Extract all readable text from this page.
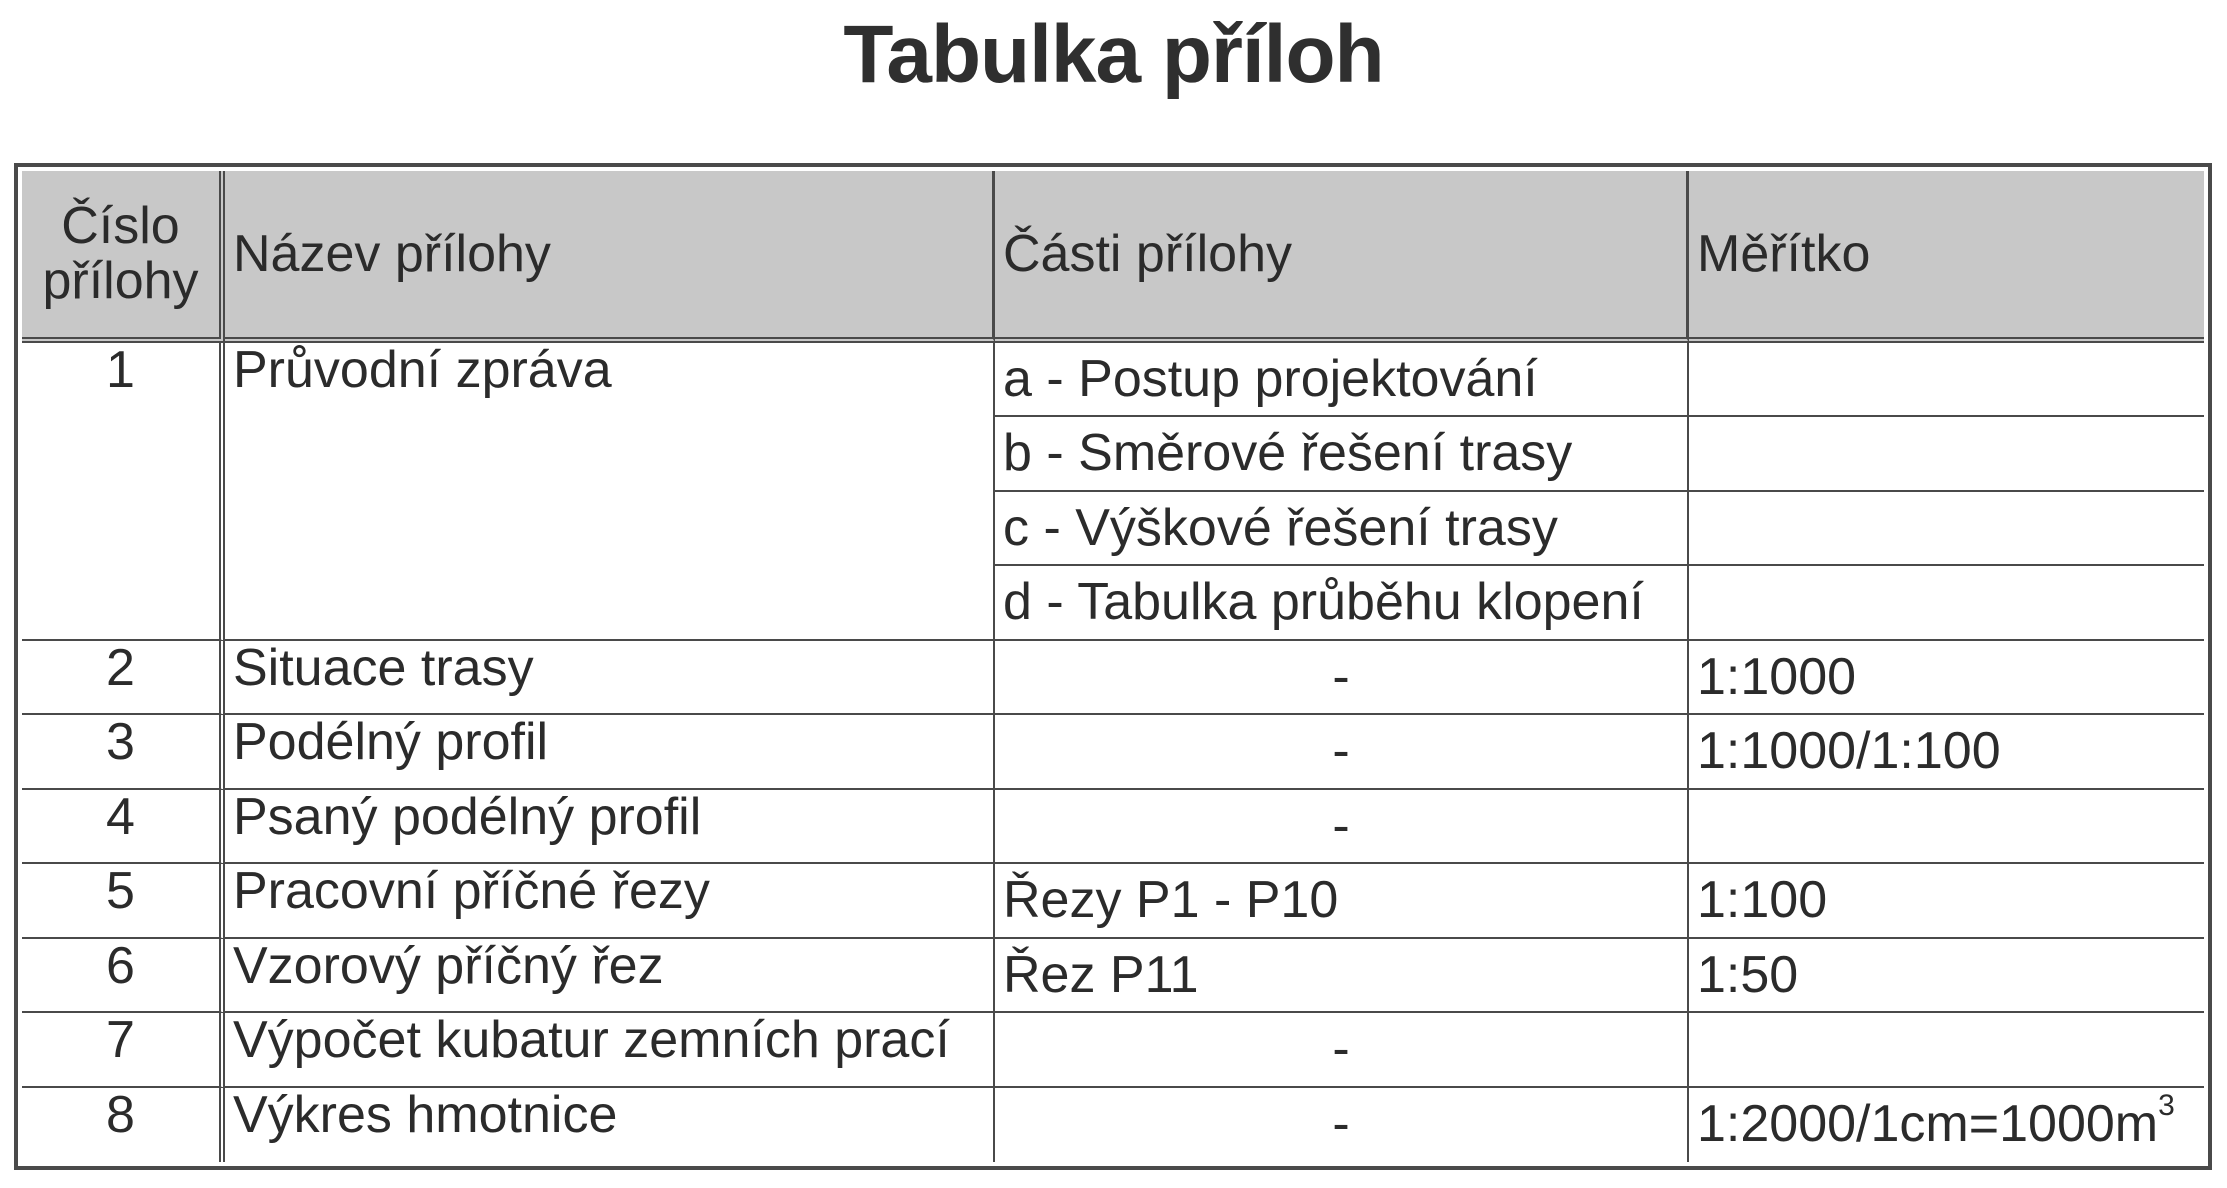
Tabulka příloh
Číslo
přílohy	Název přílohy	Části přílohy	Měřítko
1	Průvodní zpráva	a - Postup projektování	
		b - Směrové řešení trasy	
		c - Výškové řešení trasy	
		d - Tabulka průběhu klopení	
2	Situace trasy	-	1:1000
3	Podélný profil	-	1:1000/1:100
4	Psaný podélný profil	-	
5	Pracovní příčné řezy	Řezy P1 - P10	1:100
6	Vzorový příčný řez	Řez P11	1:50
7	Výpočet kubatur zemních prací	-	
8	Výkres hmotnice	-	$1:2000/1cm=1000m^3$
